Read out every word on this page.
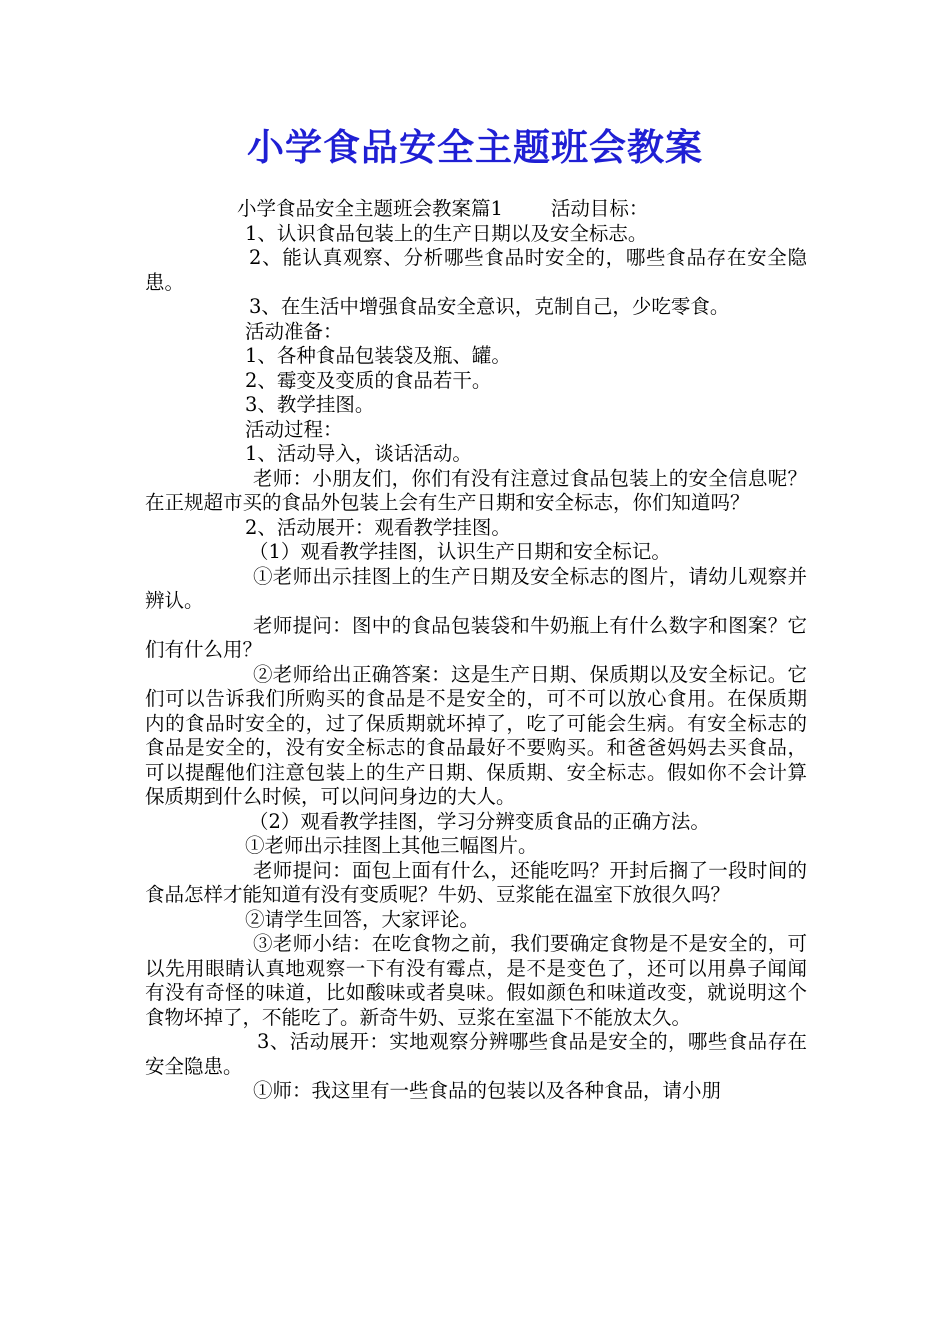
小学食品安全主题班会教案

小学食品安全主题班会教案篇1 活动目标：

1、认识食品包装上的生产日期以及安全标志。

2、能认真观察、分析哪些食品时安全的，哪些食品存在安全隐患。

3、在生活中增强食品安全意识，克制自己，少吃零食。

活动准备：

1、各种食品包装袋及瓶、罐。

2、霉变及变质的食品若干。

3、教学挂图。

活动过程：

1、活动导入，谈话活动。

老师：小朋友们，你们有没有注意过食品包装上的安全信息呢？在正规超市买的食品外包装上会有生产日期和安全标志，你们知道吗？

2、活动展开：观看教学挂图。

（1）观看教学挂图，认识生产日期和安全标记。

①老师出示挂图上的生产日期及安全标志的图片，请幼儿观察并辨认。

老师提问：图中的食品包装袋和牛奶瓶上有什么数字和图案？它们有什么用？

②老师给出正确答案：这是生产日期、保质期以及安全标记。它们可以告诉我们所购买的食品是不是安全的，可不可以放心食用。在保质期内的食品时安全的，过了保质期就坏掉了，吃了可能会生病。有安全标志的食品是安全的，没有安全标志的食品最好不要购买。和爸爸妈妈去买食品，可以提醒他们注意包装上的生产日期、保质期、安全标志。假如你不会计算保质期到什么时候，可以问问身边的大人。

（2）观看教学挂图，学习分辨变质食品的正确方法。

①老师出示挂图上其他三幅图片。

老师提问：面包上面有什么，还能吃吗？开封后搁了一段时间的食品怎样才能知道有没有变质呢？牛奶、豆浆能在温室下放很久吗？

②请学生回答，大家评论。

③老师小结：在吃食物之前，我们要确定食物是不是安全的，可以先用眼睛认真地观察一下有没有霉点，是不是变色了，还可以用鼻子闻闻有没有奇怪的味道，比如酸味或者臭味。假如颜色和味道改变，就说明这个食物坏掉了，不能吃了。新奇牛奶、豆浆在室温下不能放太久。

3、活动展开：实地观察分辨哪些食品是安全的，哪些食品存在安全隐患。

①师：我这里有一些食品的包装以及各种食品，请小朋
